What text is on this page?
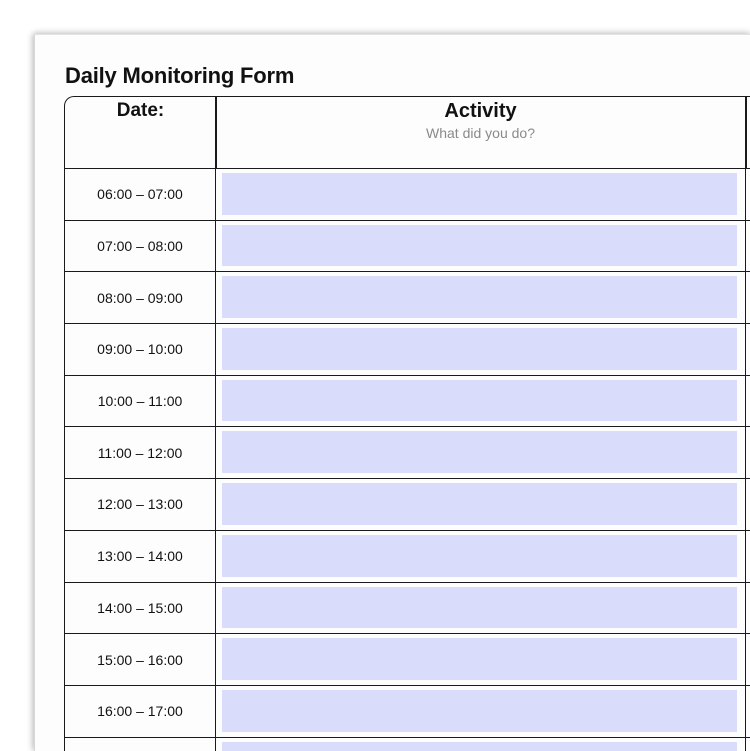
Daily Monitoring Form
Date:	Activity
What did you do?
06:00 – 07:00
07:00 – 08:00
08:00 – 09:00
09:00 – 10:00
10:00 – 11:00
11:00 – 12:00
12:00 – 13:00
13:00 – 14:00
14:00 – 15:00
15:00 – 16:00
16:00 – 17:00
